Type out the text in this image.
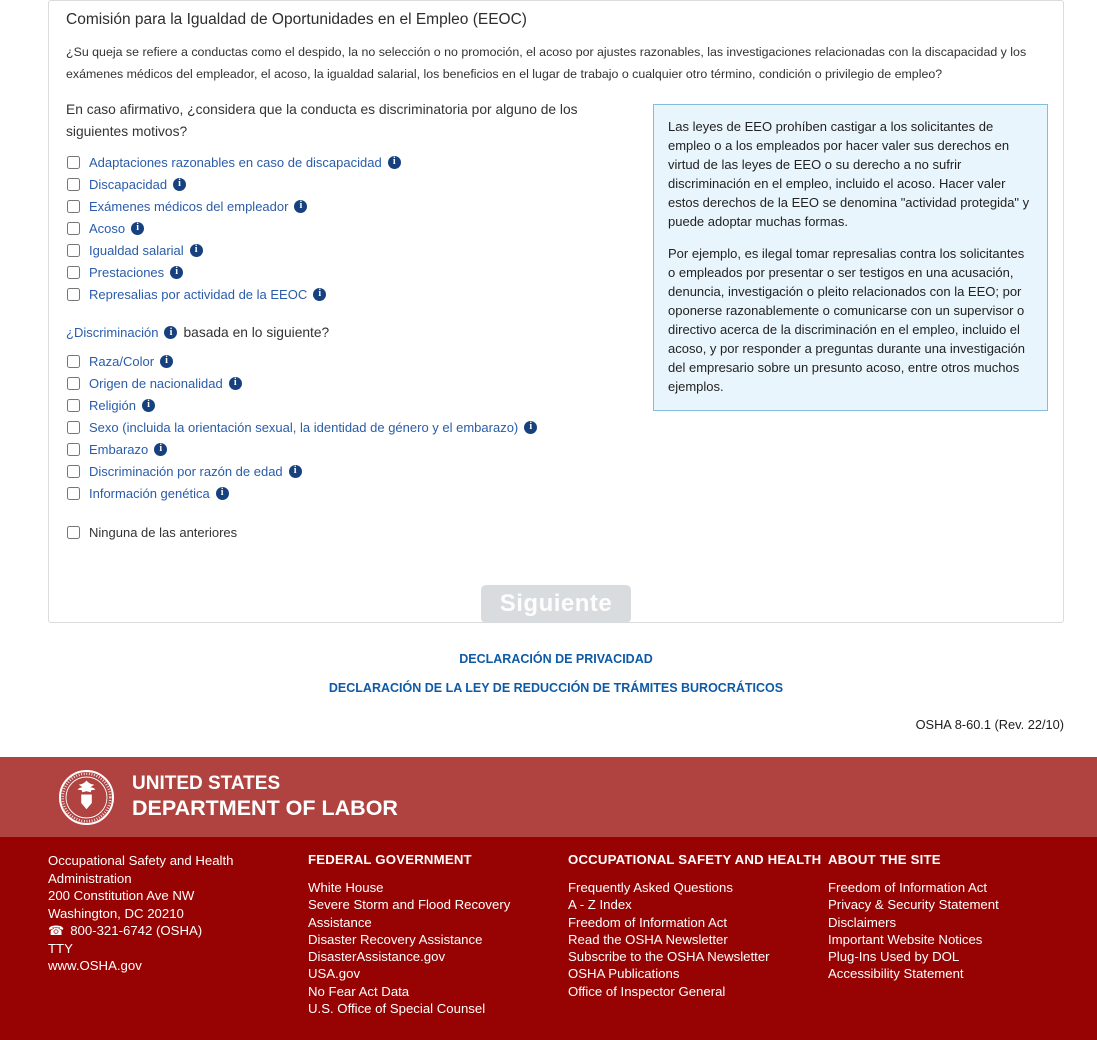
Comisión para la Igualdad de Oportunidades en el Empleo (EEOC)

¿Su queja se refiere a conductas como el despido, la no selección o no promoción, el acoso por ajustes razonables, las investigaciones relacionadas con la discapacidad y los exámenes médicos del empleador, el acoso, la igualdad salarial, los beneficios en el lugar de trabajo o cualquier otro término, condición o privilegio de empleo?

En caso afirmativo, ¿considera que la conducta es discriminatoria por alguno de los siguientes motivos?

Adaptaciones razonables en caso de discapacidad
i
Discapacidad
i
Exámenes médicos del empleador
i
Acoso
i
Igualdad salarial
i
Prestaciones
i
Represalias por actividad de la EEOC
i
¿Discriminación i basada en lo siguiente?
Raza/Color
i
Origen de nacionalidad
i
Religión
i
Sexo (incluida la orientación sexual, la identidad de género y el embarazo)
i
Embarazo
i
Discriminación por razón de edad
i
Información genética
i
Ninguna de las anteriores
Siguiente

Las leyes de EEO prohíben castigar a los solicitantes de empleo o a los empleados por hacer valer sus derechos en virtud de las leyes de EEO o su derecho a no sufrir discriminación en el empleo, incluido el acoso. Hacer valer estos derechos de la EEO se denomina "actividad protegida" y puede adoptar muchas formas.

Por ejemplo, es ilegal tomar represalias contra los solicitantes o empleados por presentar o ser testigos en una acusación, denuncia, investigación o pleito relacionados con la EEO; por oponerse razonablemente o comunicarse con un supervisor o directivo acerca de la discriminación en el empleo, incluido el acoso, y por responder a preguntas durante una investigación del empresario sobre un presunto acoso, entre otros muchos ejemplos.

DECLARACIÓN DE PRIVACIDAD
DECLARACIÓN DE LA LEY DE REDUCCIÓN DE TRÁMITES BUROCRÁTICOS
OSHA 8-60.1 (Rev. 22/10)
UNITED STATES
DEPARTMENT OF LABOR
Occupational Safety and Health Administration
200 Constitution Ave NW
Washington, DC 20210
☎ 800-321-6742 (OSHA)
TTY
www.OSHA.gov
FEDERAL GOVERNMENT
White House
Severe Storm and Flood Recovery Assistance
Disaster Recovery Assistance
DisasterAssistance.gov
USA.gov
No Fear Act Data
U.S. Office of Special Counsel
OCCUPATIONAL SAFETY AND HEALTH
Frequently Asked Questions
A - Z Index
Freedom of Information Act
Read the OSHA Newsletter
Subscribe to the OSHA Newsletter
OSHA Publications
Office of Inspector General
ABOUT THE SITE
Freedom of Information Act
Privacy & Security Statement
Disclaimers
Important Website Notices
Plug-Ins Used by DOL
Accessibility Statement
